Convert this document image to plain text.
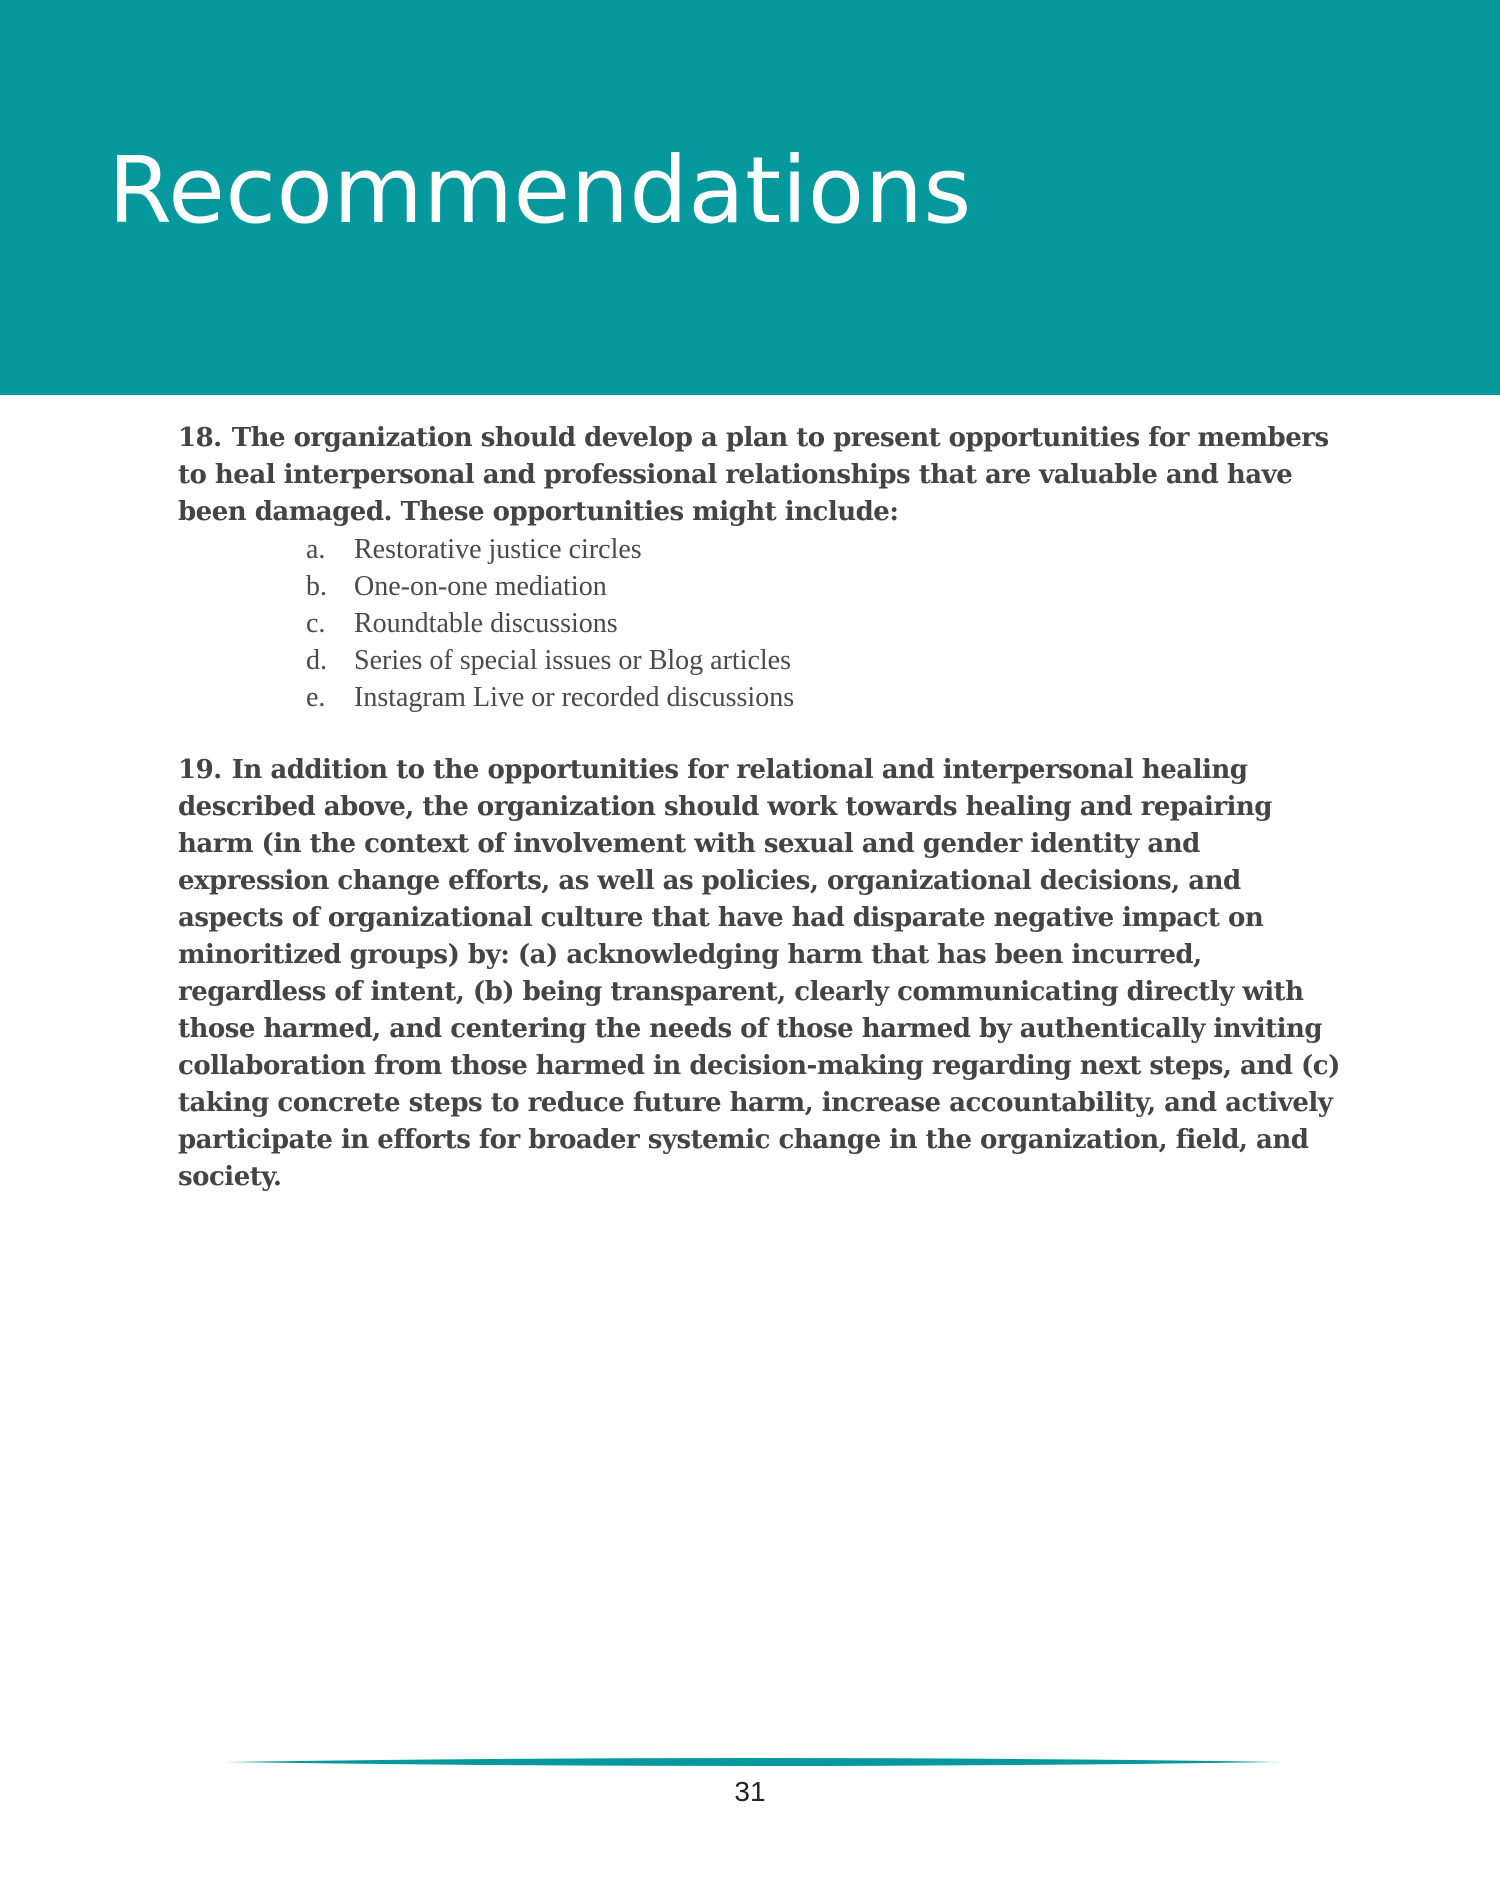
Recommendations

18. The organization should develop a plan to present opportunities for members to heal interpersonal and professional relationships that are valuable and have been damaged. These opportunities might include:

a. Restorative justice circles
b. One-on-one mediation
c. Roundtable discussions
d. Series of special issues or Blog articles
e. Instagram Live or recorded discussions

19. In addition to the opportunities for relational and interpersonal healing described above, the organization should work towards healing and repairing harm (in the context of involvement with sexual and gender identity and expression change efforts, as well as policies, organizational decisions, and aspects of organizational culture that have had disparate negative impact on minoritized groups) by: (a) acknowledging harm that has been incurred, regardless of intent, (b) being transparent, clearly communicating directly with those harmed, and centering the needs of those harmed by authentically inviting collaboration from those harmed in decision-making regarding next steps, and (c) taking concrete steps to reduce future harm, increase accountability, and actively participate in efforts for broader systemic change in the organization, field, and society.

31
